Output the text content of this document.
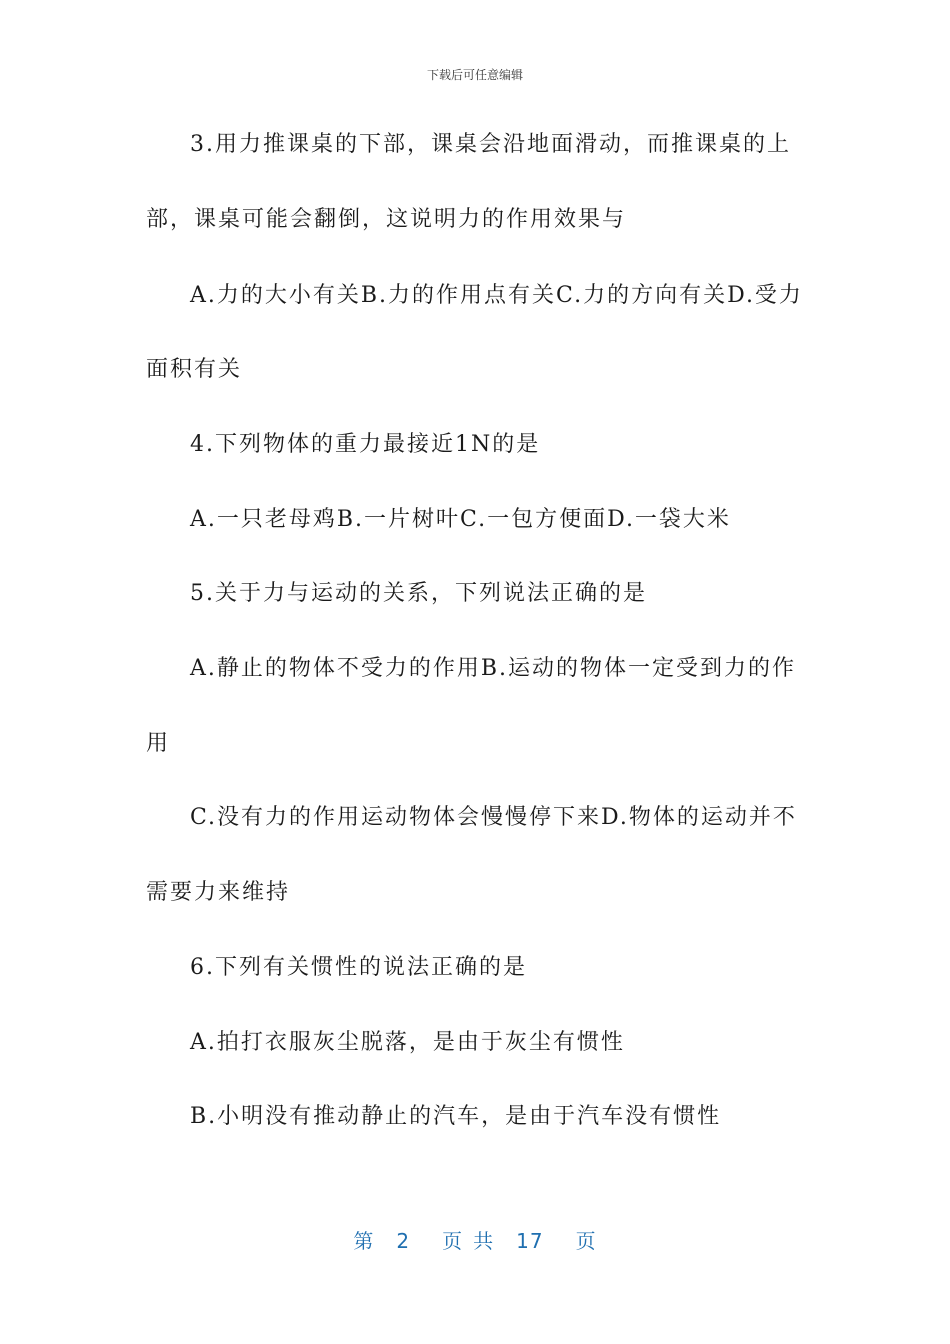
下载后可任意编辑
3.用力推课桌的下部，课桌会沿地面滑动，而推课桌的上
部，课桌可能会翻倒，这说明力的作用效果与
A.力的大小有关B.力的作用点有关C.力的方向有关D.受力
面积有关
4.下列物体的重力最接近1N的是
A.一只老母鸡B.一片树叶C.一包方便面D.一袋大米
5.关于力与运动的关系，下列说法正确的是
A.静止的物体不受力的作用B.运动的物体一定受到力的作
用
C.没有力的作用运动物体会慢慢停下来D.物体的运动并不
需要力来维持
6.下列有关惯性的说法正确的是
A.拍打衣服灰尘脱落，是由于灰尘有惯性
B.小明没有推动静止的汽车，是由于汽车没有惯性
第 2 页 共 17 页
